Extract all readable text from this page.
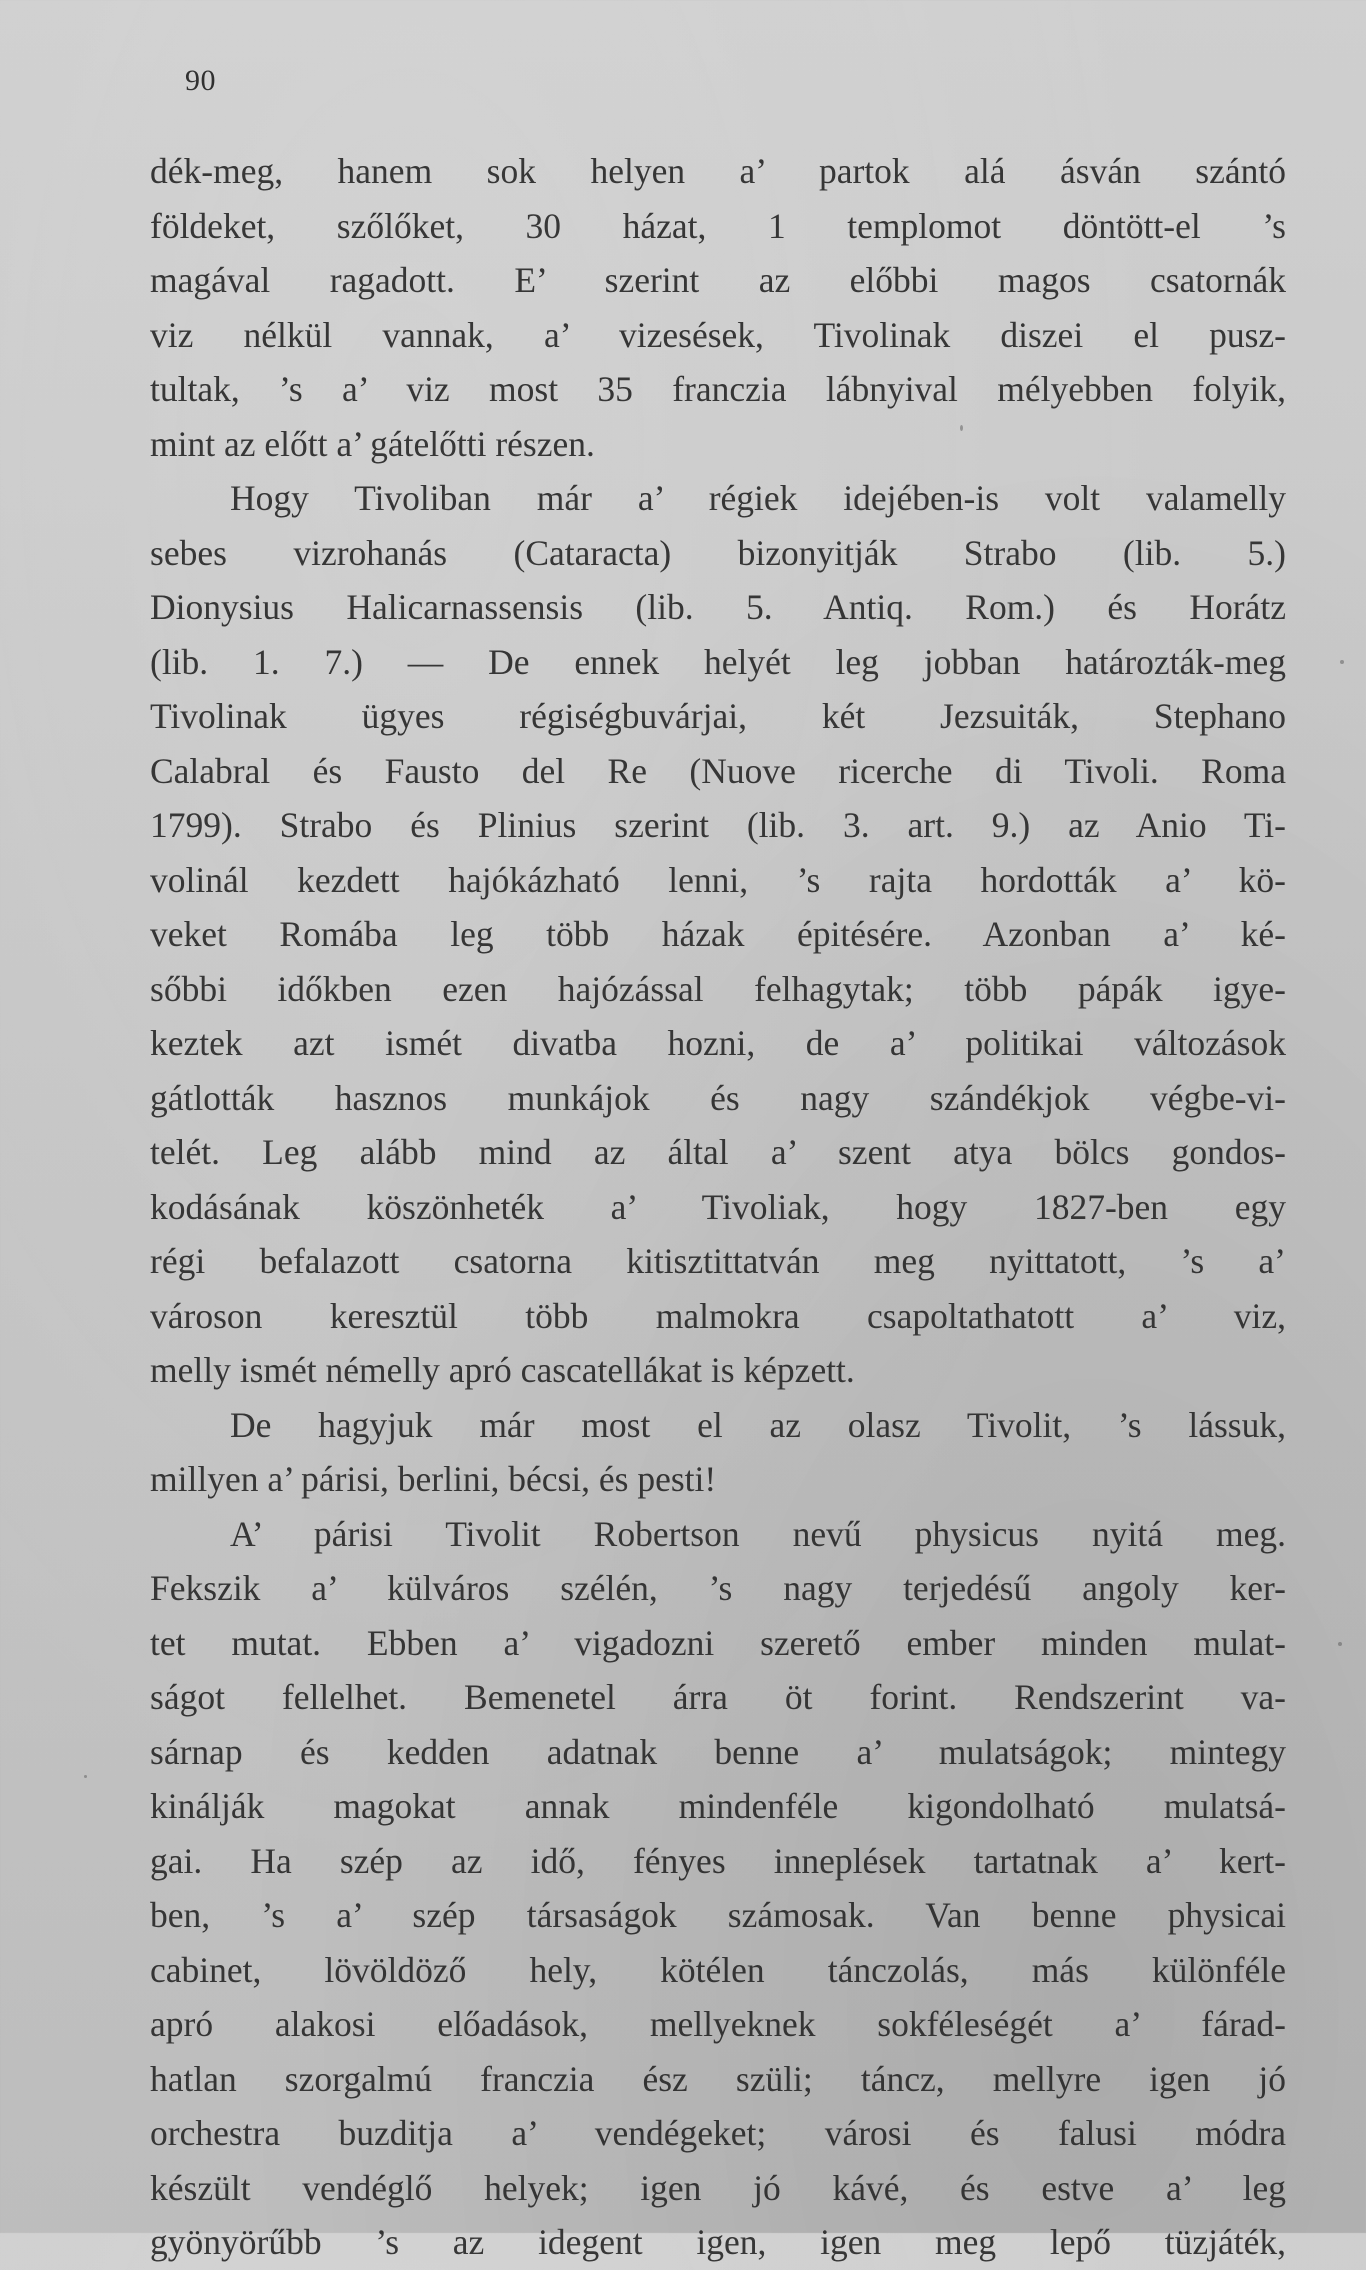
90
dék-meg, hanem sok helyen a’ partok alá ásván szántó
földeket, szőlőket, 30 házat, 1 templomot döntött-el ’s
magával ragadott. E’ szerint az előbbi magos csatornák
viz nélkül vannak, a’ vizesések, Tivolinak diszei el pusz-
tultak, ’s a’ viz most 35 franczia lábnyival mélyebben folyik,
mint az előtt a’ gátelőtti részen.
Hogy Tivoliban már a’ régiek idejében-is volt valamelly
sebes vizrohanás (Cataracta) bizonyitják Strabo (lib. 5.)
Dionysius Halicarnassensis (lib. 5. Antiq. Rom.) és Horátz
(lib. 1. 7.) — De ennek helyét leg jobban határozták-meg
Tivolinak ügyes régiségbuvárjai, két Jezsuiták, Stephano
Calabral és Fausto del Re (Nuove ricerche di Tivoli. Roma
1799). Strabo és Plinius szerint (lib. 3. art. 9.) az Anio Ti-
volinál kezdett hajókázható lenni, ’s rajta hordották a’ kö-
veket Romába leg több házak épitésére. Azonban a’ ké-
sőbbi időkben ezen hajózással felhagytak; több pápák igye-
keztek azt ismét divatba hozni, de a’ politikai változások
gátlották hasznos munkájok és nagy szándékjok végbe-vi-
telét. Leg alább mind az által a’ szent atya bölcs gondos-
kodásának köszönheték a’ Tivoliak, hogy 1827-ben egy
régi befalazott csatorna kitisztittatván meg nyittatott, ’s a’
városon keresztül több malmokra csapoltathatott a’ viz,
melly ismét némelly apró cascatellákat is képzett.
De hagyjuk már most el az olasz Tivolit, ’s lássuk,
millyen a’ párisi, berlini, bécsi, és pesti!
A’ párisi Tivolit Robertson nevű physicus nyitá meg.
Fekszik a’ külváros szélén, ’s nagy terjedésű angoly ker-
tet mutat. Ebben a’ vigadozni szerető ember minden mulat-
ságot fellelhet. Bemenetel árra öt forint. Rendszerint va-
sárnap és kedden adatnak benne a’ mulatságok; mintegy
kinálják magokat annak mindenféle kigondolható mulatsá-
gai. Ha szép az idő, fényes inneplések tartatnak a’ kert-
ben, ’s a’ szép társaságok számosak. Van benne physicai
cabinet, lövöldöző hely, kötélen tánczolás, más különféle
apró alakosi előadások, mellyeknek sokféleségét a’ fárad-
hatlan szorgalmú franczia ész szüli; táncz, mellyre igen jó
orchestra buzditja a’ vendégeket; városi és falusi módra
készült vendéglő helyek; igen jó kávé, és estve a’ leg
gyönyörűbb ’s az idegent igen, igen meg lepő tüzjáték,
